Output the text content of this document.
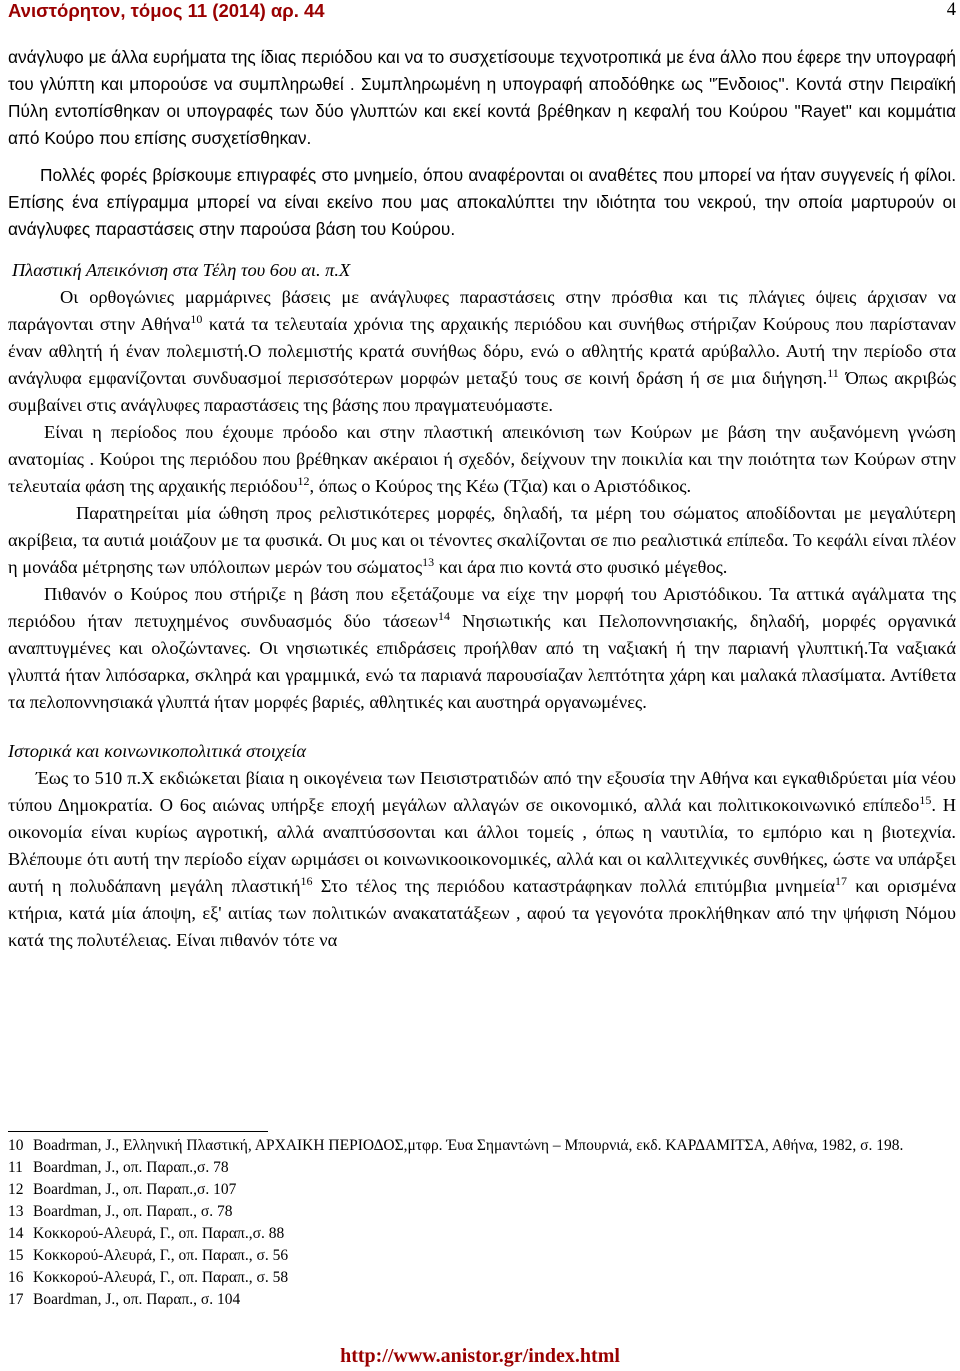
Ανιστόρητον, τόμος 11 (2014) αρ. 44	4

ανάγλυφο με άλλα ευρήματα της ίδιας περιόδου και να το συσχετίσουμε τεχνοτροπικά με ένα άλλο που έφερε την υπογραφή του γλύπτη και μπορούσε να συμπληρωθεί . Συμπληρωμένη η υπογραφή αποδόθηκε ως "Ένδοιος". Κοντά στην Πειραϊκή Πύλη εντοπίσθηκαν οι υπογραφές των δύο γλυπτών και εκεί κοντά βρέθηκαν η κεφαλή του Κούρου "Rayet" και κομμάτια από Κούρο που επίσης συσχετίσθηκαν.

Πολλές φορές βρίσκουμε επιγραφές στο μνημείο, όπου αναφέρονται οι αναθέτες που μπορεί να ήταν συγγενείς ή φίλοι. Επίσης ένα επίγραμμα μπορεί να είναι εκείνο που μας αποκαλύπτει την ιδιότητα του νεκρού, την οποία μαρτυρούν οι ανάγλυφες παραστάσεις στην παρούσα βάση του Κούρου.

Πλαστική Απεικόνιση στα Τέλη του 6ου αι. π.Χ

Οι ορθογώνιες μαρμάρινες βάσεις με ανάγλυφες παραστάσεις στην πρόσθια και τις πλάγιες όψεις άρχισαν να παράγονται στην Αθήνα$^{10}$ κατά τα τελευταία χρόνια της αρχαικής περιόδου και συνήθως στήριζαν Κούρους που παρίσταναν έναν αθλητή ή έναν πολεμιστή.Ο πολεμιστής κρατά συνήθως δόρυ, ενώ ο αθλητής κρατά αρύβαλλο. Αυτή την περίοδο στα ανάγλυφα εμφανίζονται συνδυασμοί περισσότερων μορφών μεταξύ τους σε κοινή δράση ή σε μια διήγηση.$^{11}$ Όπως ακριβώς συμβαίνει στις ανάγλυφες παραστάσεις της βάσης που πραγματευόμαστε.

Είναι η περίοδος που έχουμε πρόοδο και στην πλαστική απεικόνιση των Κούρων με βάση την αυξανόμενη γνώση ανατομίας . Κούροι της περιόδου που βρέθηκαν ακέραιοι ή σχεδόν, δείχνουν την ποικιλία και την ποιότητα των Κούρων στην τελευταία φάση της αρχαικής περιόδου$^{12}$, όπως ο Κούρος της Κέω (Τζια) και ο Αριστόδικος.

Παρατηρείται μία ώθηση προς ρελιστικότερες μορφές, δηλαδή, τα μέρη του σώματος αποδίδονται με μεγαλύτερη ακρίβεια, τα αυτιά μοιάζουν με τα φυσικά. Οι μυς και οι τένοντες σκαλίζονται σε πιο ρεαλιστικά επίπεδα. Το κεφάλι είναι πλέον η μονάδα μέτρησης των υπόλοιπων μερών του σώματος$^{13}$ και άρα πιο κοντά στο φυσικό μέγεθος.

Πιθανόν ο Κούρος που στήριζε η βάση που εξετάζουμε να είχε την μορφή του Αριστόδικου. Τα αττικά αγάλματα της περιόδου ήταν πετυχημένος συνδυασμός δύο τάσεων$^{14}$ Νησιωτικής και Πελοποννησιακής, δηλαδή, μορφές οργανικά αναπτυγμένες και ολοζώντανες. Οι νησιωτικές επιδράσεις προήλθαν από τη ναξιακή ή την παριανή γλυπτική.Τα ναξιακά γλυπτά ήταν λιπόσαρκα, σκληρά και γραμμικά, ενώ τα παριανά παρουσίαζαν λεπτότητα χάρη και μαλακά πλασίματα. Αντίθετα τα πελοποννησιακά γλυπτά ήταν μορφές βαριές, αθλητικές και αυστηρά οργανωμένες.

Ιστορικά και κοινωνικοπολιτικά στοιχεία

Έως το 510 π.Χ εκδιώκεται βίαια η οικογένεια των Πεισιστρατιδών από την εξουσία την Αθήνα και εγκαθιδρύεται μία νέου τύπου Δημοκρατία. Ο 6ος αιώνας υπήρξε εποχή μεγάλων αλλαγών σε οικονομικό, αλλά και πολιτικοκοινωνικό επίπεδο$^{15}$. Η οικονομία είναι κυρίως αγροτική, αλλά αναπτύσσονται και άλλοι τομείς , όπως η ναυτιλία, το εμπόριο και η βιοτεχνία. Βλέπουμε ότι αυτή την περίοδο είχαν ωριμάσει οι κοινωνικοοικονομικές, αλλά και οι καλλιτεχνικές συνθήκες, ώστε να υπάρξει αυτή η πολυδάπανη μεγάλη πλαστική$^{16}$ Στο τέλος της περιόδου καταστράφηκαν πολλά επιτύμβια μνημεία$^{17}$ και ορισμένα κτήρια, κατά μία άποψη, εξ' αιτίας των πολιτικών ανακατατάξεων , αφού τα γεγονότα προκλήθηκαν από την ψήφιση Νόμου κατά της πολυτέλειας. Είναι πιθανόν τότε να

10 Boadrman, J., Ελληνική Πλαστική, ΑΡΧΑΙΚΗ ΠΕΡΙΟΔΟΣ,μτφρ. Έυα Σημαντώνη – Μπουρνιά, εκδ. ΚΑΡΔΑΜΙΤΣΑ, Αθήνα, 1982, σ. 198.
11 Boardman, J., οπ. Παραπ.,σ. 78
12 Boardman, J., οπ. Παραπ.,σ. 107
13 Boardman, J., οπ. Παραπ., σ. 78
14 Κοκκορού-Αλευρά, Γ., οπ. Παραπ.,σ. 88
15 Κοκκορού-Αλευρά, Γ., οπ. Παραπ., σ. 56
16 Κοκκορού-Αλευρά, Γ., οπ. Παραπ., σ. 58
17 Boardman, J., οπ. Παραπ., σ. 104
http://www.anistor.gr/index.html
